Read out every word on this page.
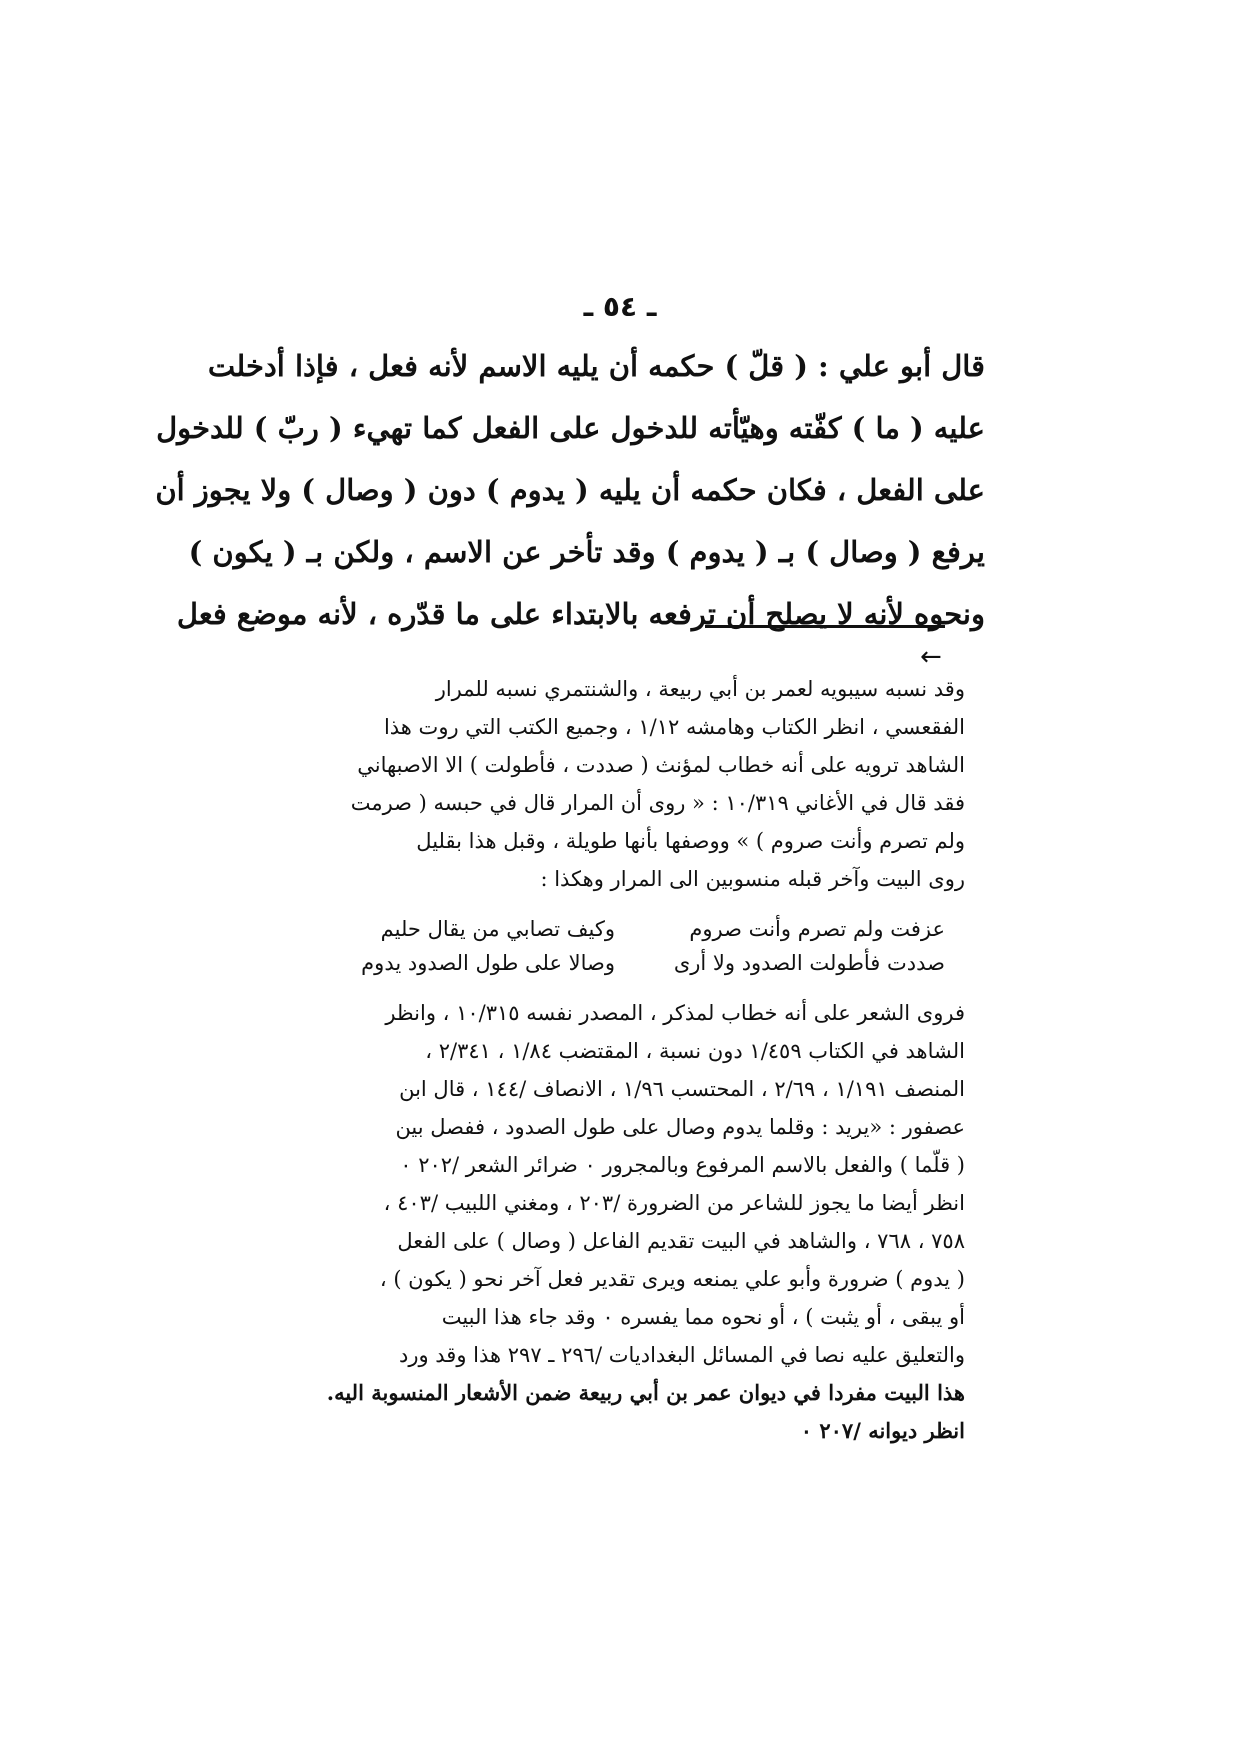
ـ ٥٤ ـ
قال أبو علي : ( قلّ ) حكمه أن يليه الاسم لأنه فعل ، فإذا أدخلت
عليه ( ما ) كفّته وهيّأته للدخول على الفعل كما تهيء ( ربّ ) للدخول
على الفعل ، فكان حكمه أن يليه ( يدوم ) دون ( وصال ) ولا يجوز أن
يرفع ( وصال ) بـ ( يدوم ) وقد تأخر عن الاسم ، ولكن بـ ( يكون )
ونحوه لأنه لا يصلح أن ترفعه بالابتداء على ما قدّره ، لأنه موضع فعل
←
وقد نسبه سيبويه لعمر بن أبي ربيعة ، والشنتمري نسبه للمرار
الفقعسي ، انظر الكتاب وهامشه ١/١٢ ، وجميع الكتب التي روت هذا
الشاهد ترويه على أنه خطاب لمؤنث ( صددت ، فأطولت ) الا الاصبهاني
فقد قال في الأغاني ١٠/٣١٩ : « روى أن المرار قال في حبسه ( صرمت
ولم تصرم وأنت صروم ) » ووصفها بأنها طويلة ، وقبل هذا بقليل
روى البيت وآخر قبله منسوبين الى المرار وهكذا :
عزفت ولم تصرم وأنت صروم
وكيف تصابي من يقال حليم
صددت فأطولت الصدود ولا أرى
وصالا على طول الصدود يدوم
فروى الشعر على أنه خطاب لمذكر ، المصدر نفسه ١٠/٣١٥ ، وانظر
الشاهد في الكتاب ١/٤٥٩ دون نسبة ، المقتضب ١/٨٤ ، ٢/٣٤١ ،
المنصف ١/١٩١ ، ٢/٦٩ ، المحتسب ١/٩٦ ، الانصاف /١٤٤ ، قال ابن
عصفور : «يريد : وقلما يدوم وصال على طول الصدود ، ففصل بين
( قلّما ) والفعل بالاسم المرفوع وبالمجرور ٠ ضرائر الشعر /٢٠٢ ٠
انظر أيضا ما يجوز للشاعر من الضرورة /٢٠٣ ، ومغني اللبيب /٤٠٣ ،
٧٥٨ ، ٧٦٨ ، والشاهد في البيت تقديم الفاعل ( وصال ) على الفعل
( يدوم ) ضرورة وأبو علي يمنعه ويرى تقدير فعل آخر نحو ( يكون ) ،
أو يبقى ، أو يثبت ) ، أو نحوه مما يفسره ٠ وقد جاء هذا البيت
والتعليق عليه نصا في المسائل البغداديات /٢٩٦ ـ ٢٩٧ هذا وقد ورد
هذا البيت مفردا في ديوان عمر بن أبي ربيعة ضمن الأشعار المنسوبة اليه.
انظر ديوانه /٢٠٧ ٠
